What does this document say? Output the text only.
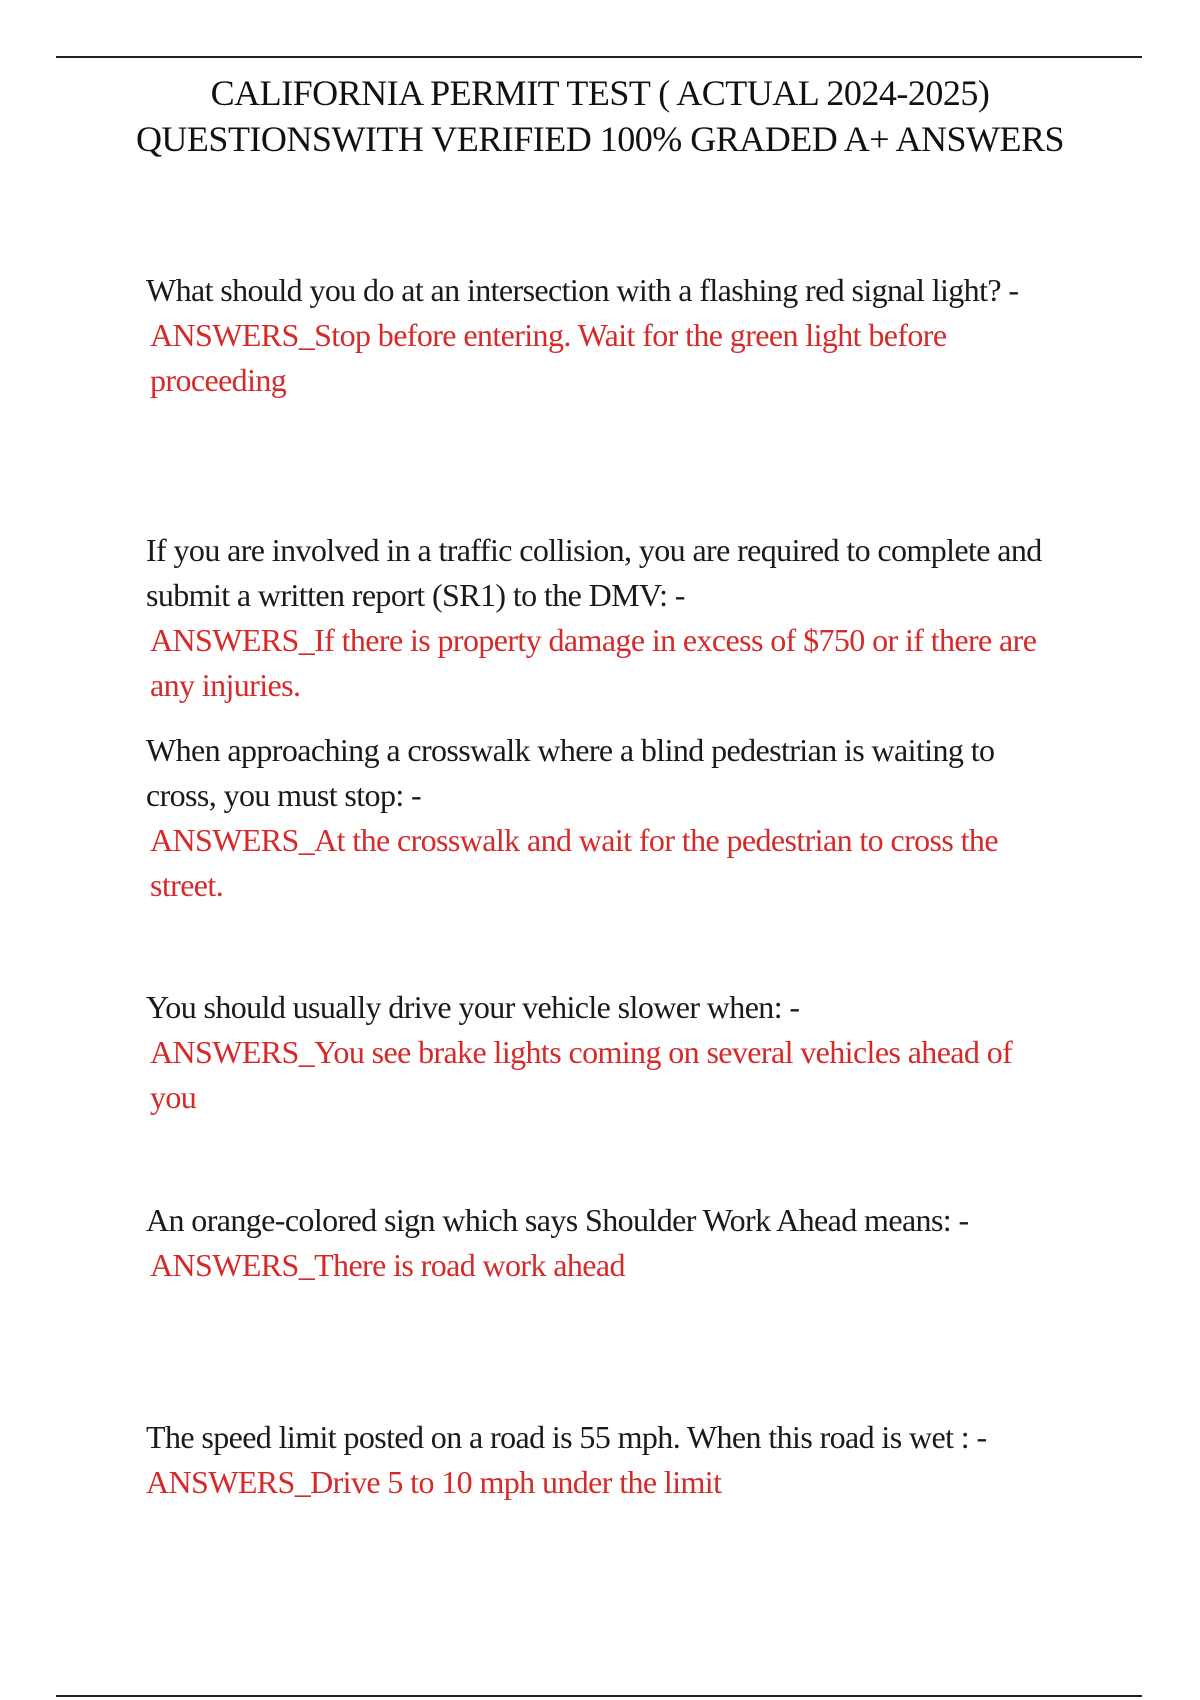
CALIFORNIA PERMIT TEST ( ACTUAL 2024-2025) QUESTIONSWITH VERIFIED 100% GRADED A+ ANSWERS
What should you do at an intersection with a flashing red signal light? -
ANSWERS_Stop before entering. Wait for the green light before proceeding
If you are involved in a traffic collision, you are required to complete and submit a written report (SR1) to the DMV: -
ANSWERS_If there is property damage in excess of $750 or if there are any injuries.
When approaching a crosswalk where a blind pedestrian is waiting to cross, you must stop: -
ANSWERS_At the crosswalk and wait for the pedestrian to cross the street.
You should usually drive your vehicle slower when: -
ANSWERS_You see brake lights coming on several vehicles ahead of you
An orange-colored sign which says Shoulder Work Ahead means: -
ANSWERS_There is road work ahead
The speed limit posted on a road is 55 mph. When this road is wet : - ANSWERS_Drive 5 to 10 mph under the limit
